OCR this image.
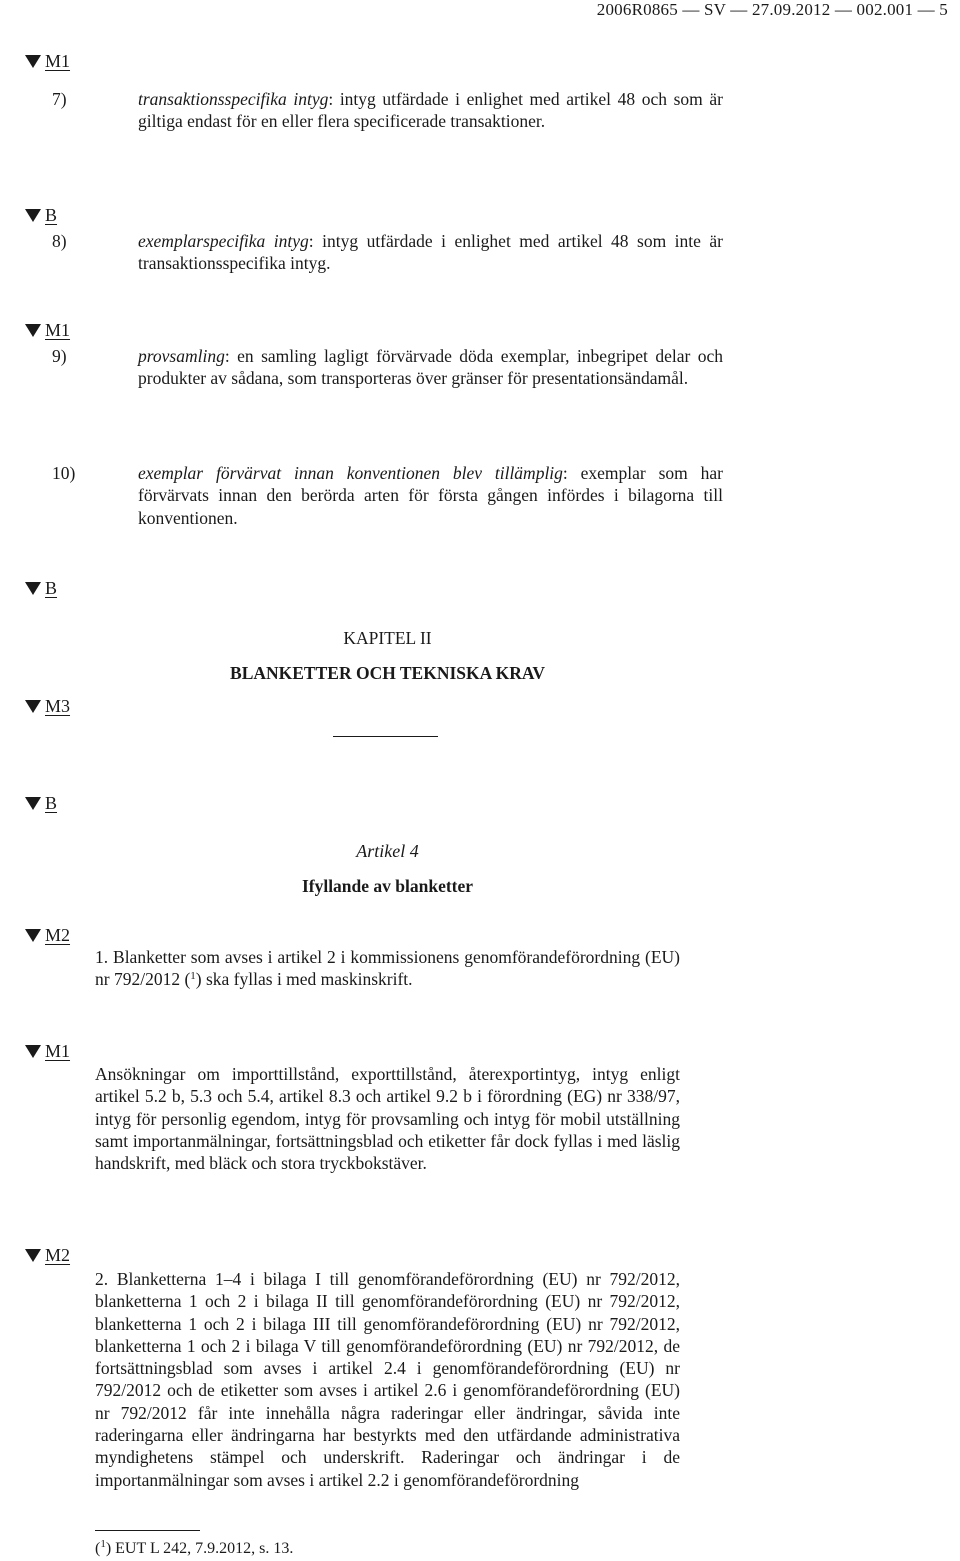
2006R0865 — SV — 27.09.2012 — 002.001 — 5
M1
B
M1
B
M3
B
M2
M1
M2
7)	transaktionsspecifika intyg: intyg utfärdade i enlighet med artikel 48 och som är giltiga endast för en eller flera specificerade transaktioner.
8)	exemplarspecifika intyg: intyg utfärdade i enlighet med artikel 48 som inte är transaktionsspecifika intyg.
9)	provsamling: en samling lagligt förvärvade döda exemplar, inbegripet delar och produkter av sådana, som transporteras över gränser för presentationsändamål.
10)	exemplar förvärvat innan konventionen blev tillämplig: exemplar som har förvärvats innan den berörda arten för första gången infördes i bilagorna till konventionen.
KAPITEL II
BLANKETTER OCH TEKNISKA KRAV
Artikel 4
Ifyllande av blanketter
1. Blanketter som avses i artikel 2 i kommissionens genomförandeförordning (EU) nr 792/2012 ($^1$) ska fyllas i med maskinskrift.
Ansökningar om importtillstånd, exporttillstånd, återexportintyg, intyg enligt artikel 5.2 b, 5.3 och 5.4, artikel 8.3 och artikel 9.2 b i förordning (EG) nr 338/97, intyg för personlig egendom, intyg för provsamling och intyg för mobil utställning samt importanmälningar, fortsättningsblad och etiketter får dock fyllas i med läslig handskrift, med bläck och stora tryckbokstäver.
2. Blanketterna 1–4 i bilaga I till genomförandeförordning (EU) nr 792/2012, blanketterna 1 och 2 i bilaga II till genomförandeförordning (EU) nr 792/2012, blanketterna 1 och 2 i bilaga III till genomförandeförordning (EU) nr 792/2012, blanketterna 1 och 2 i bilaga V till genomförandeförordning (EU) nr 792/2012, de fortsättningsblad som avses i artikel 2.4 i genomförandeförordning (EU) nr 792/2012 och de etiketter som avses i artikel 2.6 i genomförandeförordning (EU) nr 792/2012 får inte innehålla några raderingar eller ändringar, såvida inte raderingarna eller ändringarna har bestyrkts med den utfärdande administrativa myndighetens stämpel och underskrift. Raderingar och ändringar i de importanmälningar som avses i artikel 2.2 i genomförandeförordning
($^1$) EUT L 242, 7.9.2012, s. 13.
